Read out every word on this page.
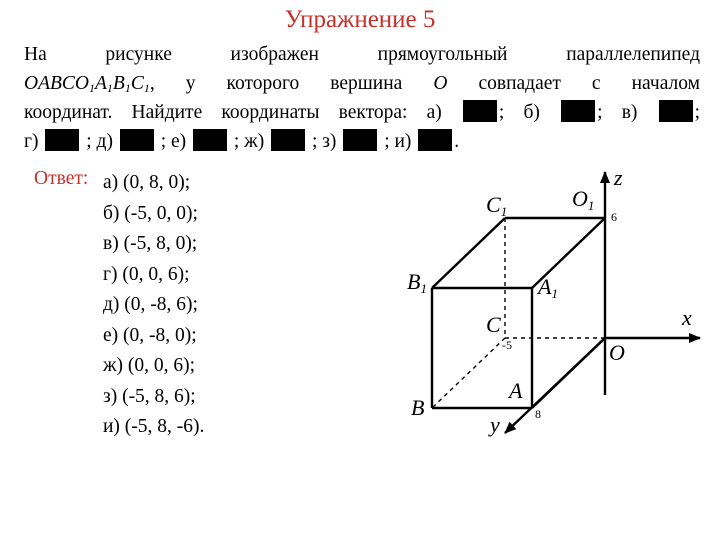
Упражнение 5
На рисунке изображен прямоугольный параллелепипед
$OABCO_1A_1B_1C_1$, у которого вершина O совпадает с началом
координат. Найдите координаты вектора: а)	; б)	; в)	;
г) ; д) ; е) ; ж) ; з) ; и) .
Ответ: а) (0, 8, 0);
б) (-5, 0, 0);
в) (-5, 8, 0);
г) (0, 0, 6);
д) (0, -8, 6);
е) (0, -8, 0);
ж) (0, 0, 6);
з) (-5, 8, 6);
и) (-5, 8, -6).
C1
O1
B1	A1
C
O
A
B
x
y
z
6
-5
8
